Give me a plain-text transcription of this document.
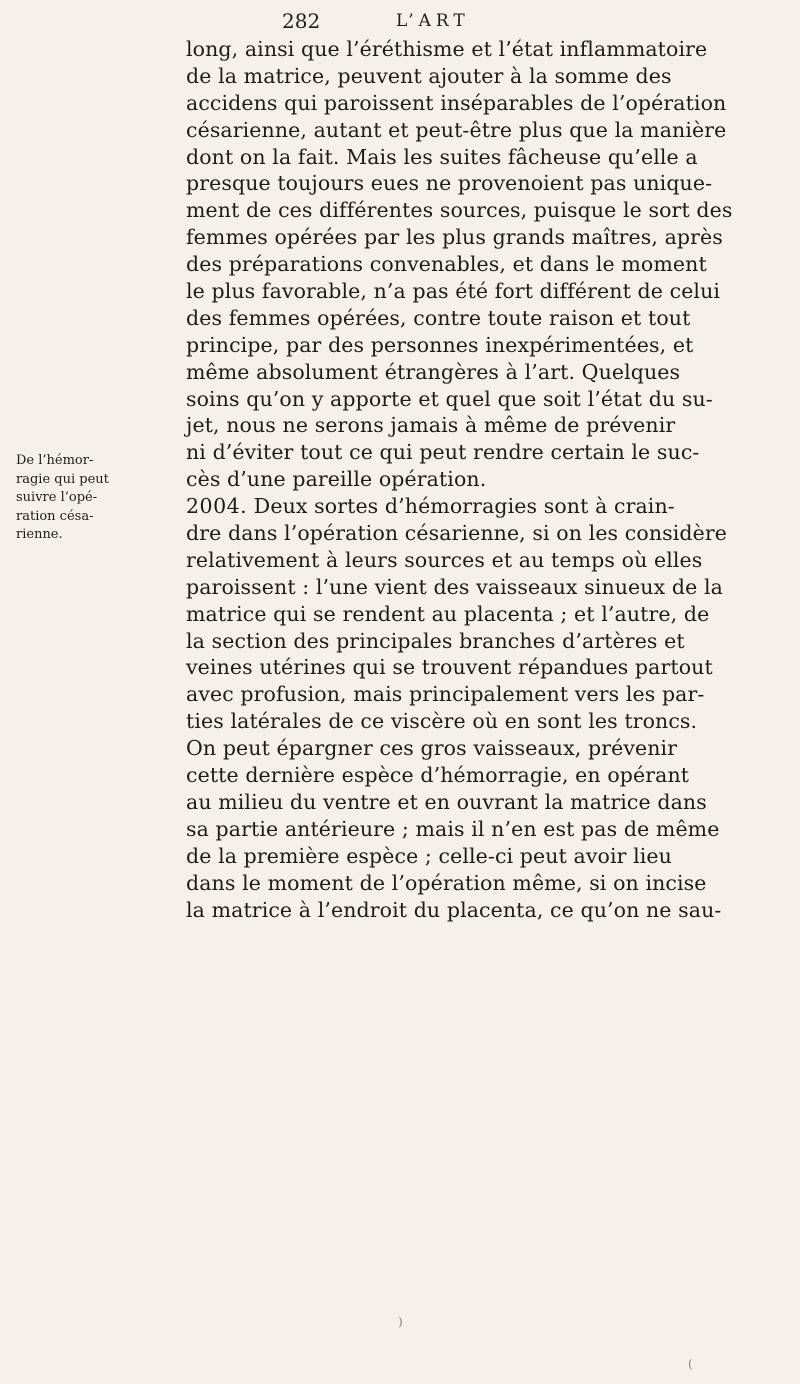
282	L’ART
long, ainsi que l’éréthisme et l’état inflammatoire
de la matrice, peuvent ajouter à la somme des
accidens qui paroissent inséparables de l’opération
césarienne, autant et peut-être plus que la manière
dont on la fait. Mais les suites fâcheuse qu’elle a
presque toujours eues ne provenoient pas unique-
ment de ces différentes sources, puisque le sort des
femmes opérées par les plus grands maîtres, après
des préparations convenables, et dans le moment
le plus favorable, n’a pas été fort différent de celui
des femmes opérées, contre toute raison et tout
principe, par des personnes inexpérimentées, et
même absolument étrangères à l’art. Quelques
soins qu’on y apporte et quel que soit l’état du su-
jet, nous ne serons jamais à même de prévenir
ni d’éviter tout ce qui peut rendre certain le suc-
cès d’une pareille opération.
2004. Deux sortes d’hémorragies sont à crain-
dre dans l’opération césarienne, si on les considère
relativement à leurs sources et au temps où elles
paroissent : l’une vient des vaisseaux sinueux de la
matrice qui se rendent au placenta ; et l’autre, de
la section des principales branches d’artères et
veines utérines qui se trouvent répandues partout
avec profusion, mais principalement vers les par-
ties latérales de ce viscère où en sont les troncs.
On peut épargner ces gros vaisseaux, prévenir
cette dernière espèce d’hémorragie, en opérant
au milieu du ventre et en ouvrant la matrice dans
sa partie antérieure ; mais il n’en est pas de même
de la première espèce ; celle-ci peut avoir lieu
dans le moment de l’opération même, si on incise
la matrice à l’endroit du placenta, ce qu’on ne sau-
De l’hémor-
ragie qui peut
suivre l’opé-
ration césa-
rienne.
)
(
